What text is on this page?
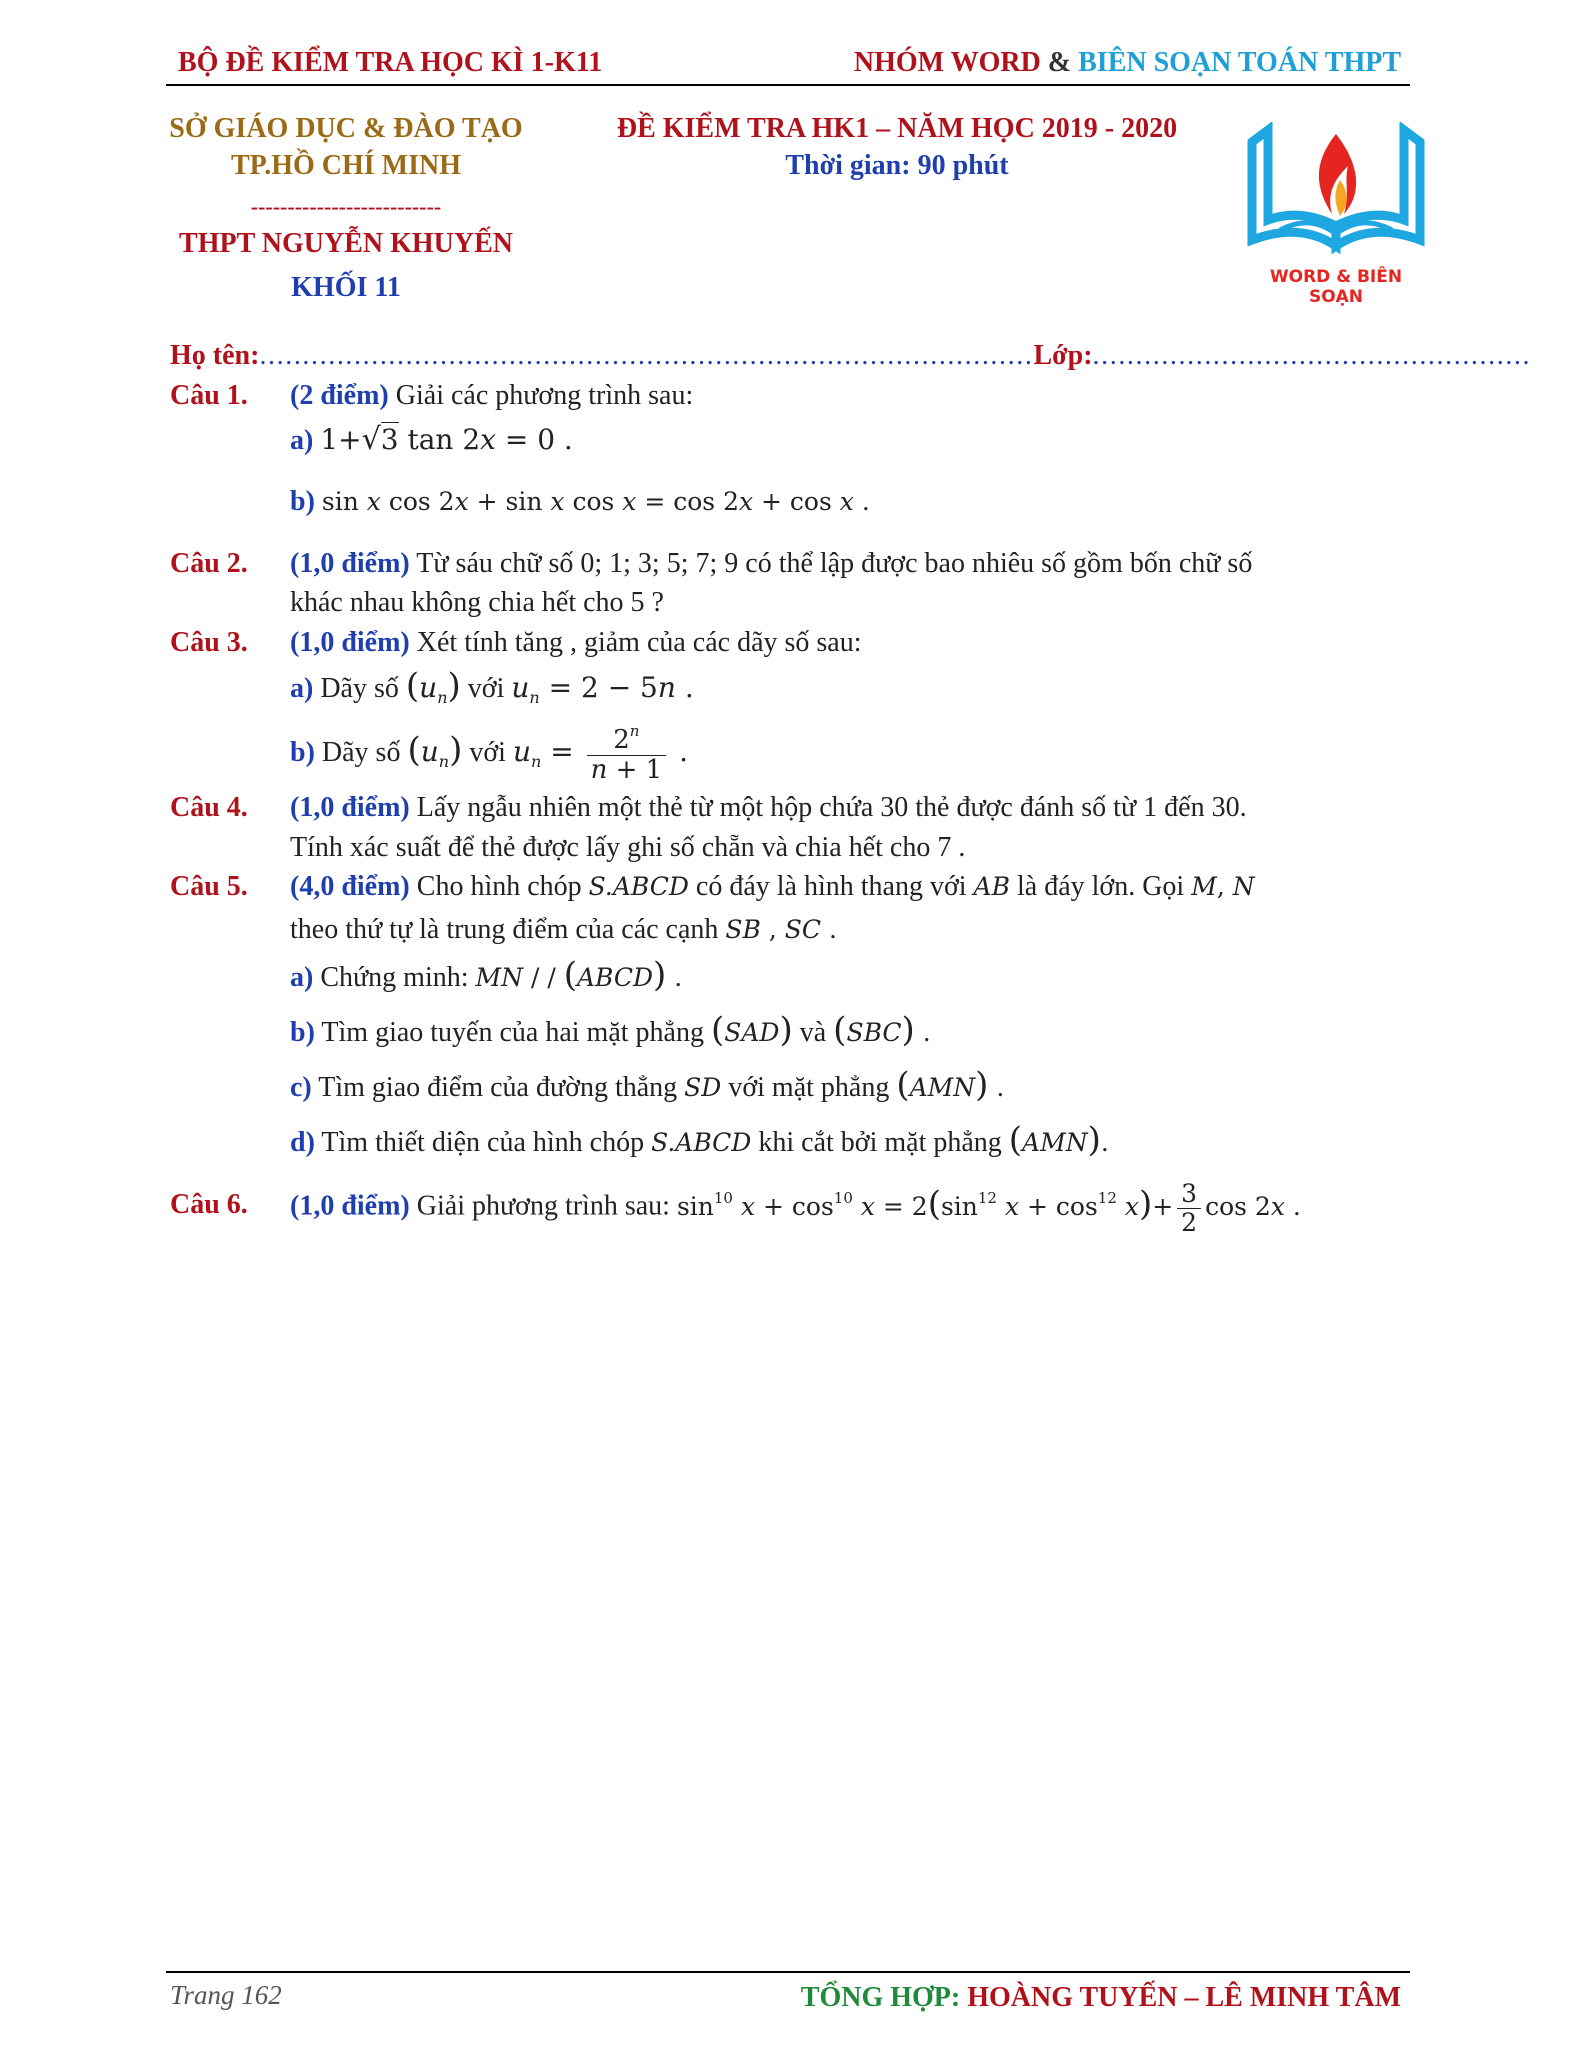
BỘ ĐỀ KIỂM TRA HỌC KÌ 1-K11	NHÓM WORD & BIÊN SOẠN TOÁN THPT
SỞ GIÁO DỤC & ĐÀO TẠO
TP.HỒ CHÍ MINH
--------------------------
THPT NGUYỄN KHUYẾN
KHỐI 11
ĐỀ KIỂM TRA HK1 – NĂM HỌC 2019 - 2020
Thời gian: 90 phút
WORD & BIÊN SOẠN
Họ tên:..........................................................................................Lớp:...................................................
Câu 1. (2 điểm) Giải các phương trình sau:
a) 1+√3 tan 2x = 0 .
b) sin x cos 2x + sin x cos x = cos 2x + cos x .
Câu 2. (1,0 điểm) Từ sáu chữ số 0; 1; 3; 5; 7; 9 có thể lập được bao nhiêu số gồm bốn chữ số
khác nhau không chia hết cho 5 ?
Câu 3. (1,0 điểm) Xét tính tăng , giảm của các dãy số sau:
a) Dãy số $(u_n)$ với $u_n = 2 - 5n$ .
b) Dãy số $(u_n)$ với $u_n = \frac{2^n}{n + 1}$ .
Câu 4. (1,0 điểm) Lấy ngẫu nhiên một thẻ từ một hộp chứa 30 thẻ được đánh số từ 1 đến 30.
Tính xác suất để thẻ được lấy ghi số chẵn và chia hết cho 7 .
Câu 5. (4,0 điểm) Cho hình chóp S.ABCD có đáy là hình thang với AB là đáy lớn. Gọi M, N
theo thứ tự là trung điểm của các cạnh SB , SC .
a) Chứng minh: MN / / (ABCD) .
b) Tìm giao tuyến của hai mặt phẳng (SAD) và (SBC) .
c) Tìm giao điểm của đường thẳng SD với mặt phẳng (AMN) .
d) Tìm thiết diện của hình chóp S.ABCD khi cắt bởi mặt phẳng (AMN).
Câu 6. (1,0 điểm) Giải phương trình sau: $\sin^{10} x + \cos^{10} x = 2(\sin^{12}$ $x + \cos^{12} x)+ \frac{3}{2}$ cos 2x .
Trang 162	TỔNG HỢP: HOÀNG TUYẾN – LÊ MINH TÂM
